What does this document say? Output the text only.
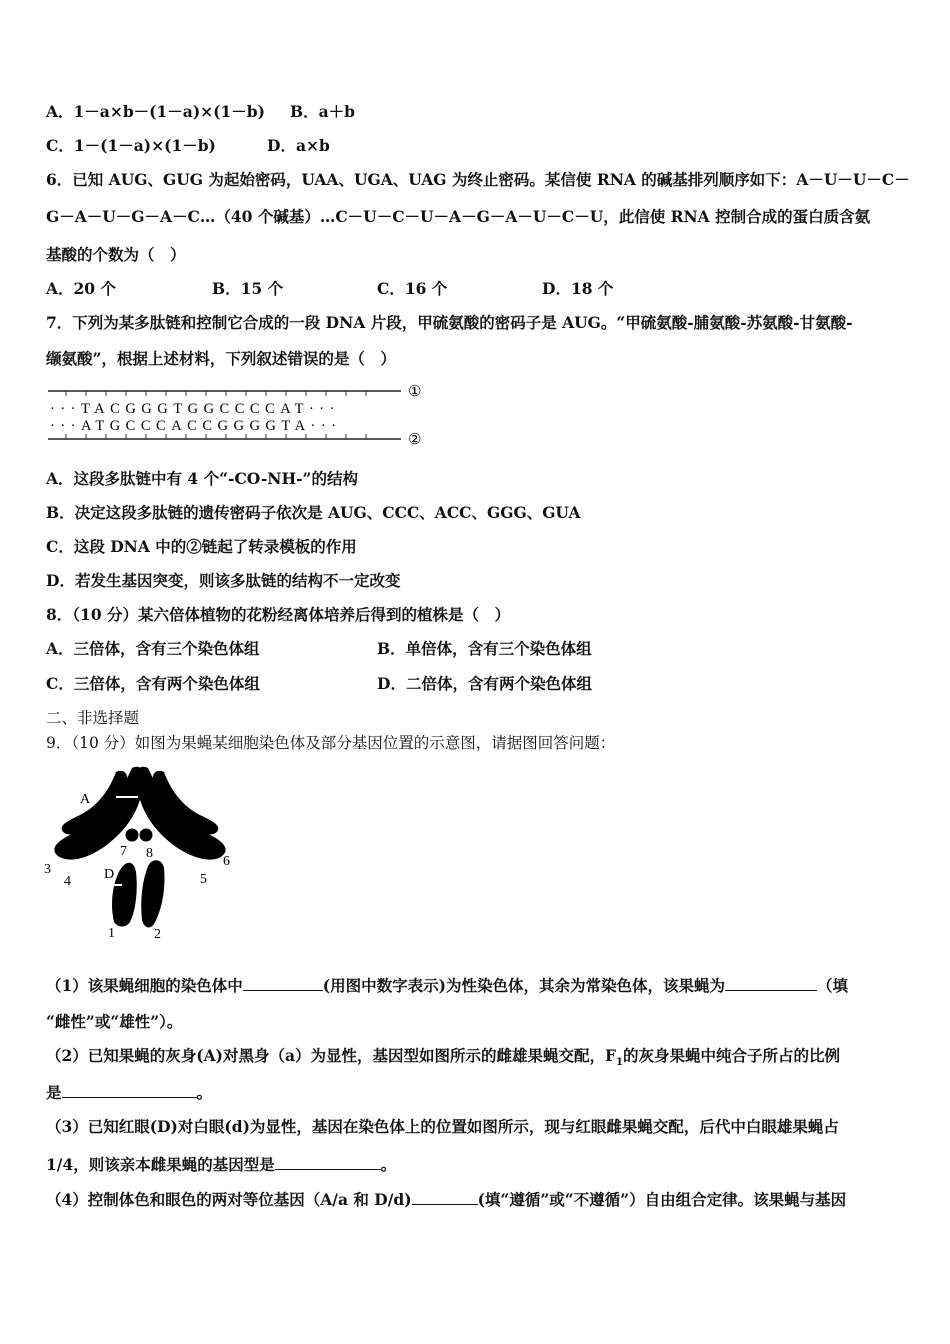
A．1－a×b－(1－a)×(1－b) B．a＋b
C．1－(1－a)×(1－b)	D．a×b
6．已知 AUG、GUG 为起始密码，UAA、UGA、UAG 为终止密码。某信使 RNA 的碱基排列顺序如下：A－U－U－C－
G－A－U－G－A－C…（40 个碱基）…C－U－C－U－A－G－A－U－C－U，此信使 RNA 控制合成的蛋白质含氨
基酸的个数为（　）
A．20 个	B．15 个	C．16 个	D．18 个
7．下列为某多肽链和控制它合成的一段 DNA 片段，甲硫氨酸的密码子是 AUG。“甲硫氨酸-脯氨酸-苏氨酸-甘氨酸-
缬氨酸”，根据上述材料，下列叙述错误的是（　）
···TACGGGTGGCCCCAT···
···ATGCCCACCGGGGTA···
①
②
A．这段多肽链中有 4 个“-CO-NH-”的结构
B．决定这段多肽链的遗传密码子依次是 AUG、CCC、ACC、GGG、GUA
C．这段 DNA 中的②链起了转录模板的作用
D．若发生基因突变，则该多肽链的结构不一定改变
8．（10 分）某六倍体植物的花粉经离体培养后得到的植株是（　）
A．三倍体，含有三个染色体组	B．单倍体，含有三个染色体组
C．三倍体，含有两个染色体组	D．二倍体，含有两个染色体组
二、非选择题
9．（10 分）如图为果蝇某细胞染色体及部分基因位置的示意图，请据图回答问题：
A	a
7 8
3
4 D	5
6
1	2
（1）该果蝇细胞的染色体中	(用图中数字表示)为性染色体，其余为常染色体，该果蝇为	（填
“雌性”或“雄性”）。
（2）已知果蝇的灰身(A)对黑身（a）为显性，基因型如图所示的雌雄果蝇交配，$F_1$的灰身果蝇中纯合子所占的比例
是	。
（3）已知红眼(D)对白眼(d)为显性，基因在染色体上的位置如图所示，现与红眼雌果蝇交配，后代中白眼雄果蝇占
1/4，则该亲本雌果蝇的基因型是	。
（4）控制体色和眼色的两对等位基因（A/a 和 D/d)	(填“遵循”或“不遵循”）自由组合定律。该果蝇与基因
